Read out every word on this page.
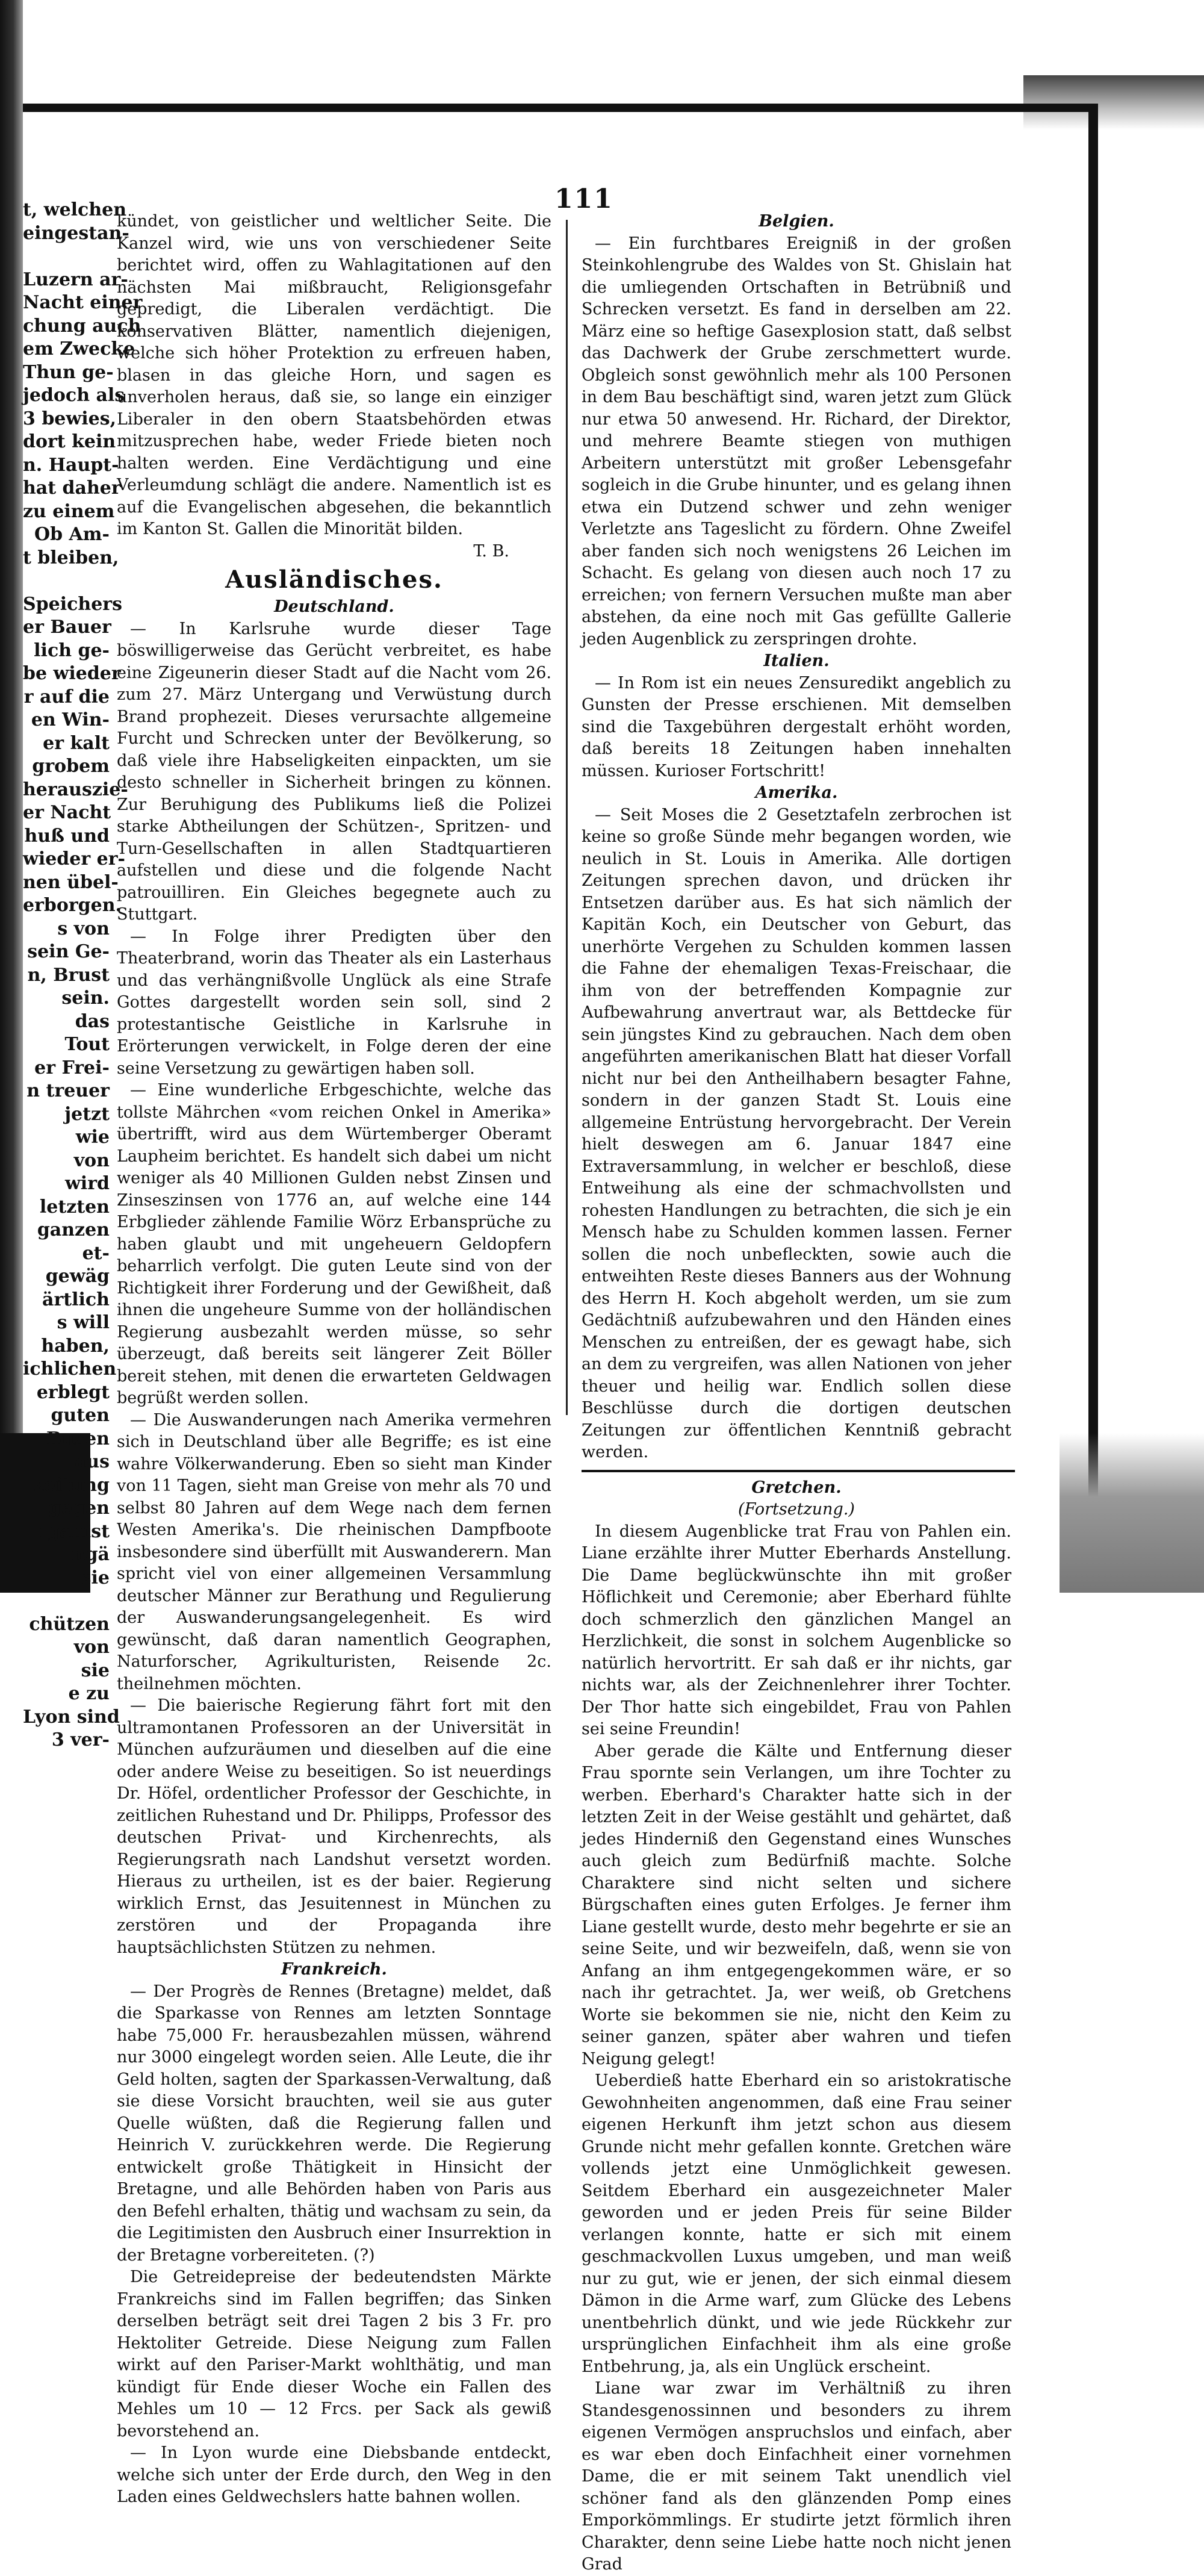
t, welchen
eingestan-
Luzern ar-
Nacht einer
chung auch
em Zwecke
Thun ge-
jedoch als
3 bewies,
dort kein
n. Haupt-
hat daher
zu einem
Ob Am-
t bleiben,
Speichers
er Bauer
lich ge-
be wieder
r auf die
en Win-
er kalt
grobem
herauszie-
er Nacht
huß und
wieder er-
nen übel-
erborgen.
s von
sein Ge-
n, Brust
sein.
das
Tout
er Frei-
n treuer
jetzt
wie
von
wird
letzten
ganzen
et-
gewäg
ärtlich
s will
haben,
ichlichen
erblegt
guten
Busen
aus
zeitung
gegen
iganist
ngä
sie
chützen
von
sie
e zu
Lyon sind
3 ver-
111

kündet, von geistlicher und weltlicher Seite. Die Kanzel wird, wie uns von verschiedener Seite berichtet wird, offen zu Wahlagitationen auf den nächsten Mai mißbraucht, Religionsgefahr gepredigt, die Liberalen verdächtigt. Die konservativen Blätter, namentlich diejenigen, welche sich höher Protektion zu erfreuen haben, blasen in das gleiche Horn, und sagen es unverholen heraus, daß sie, so lange ein einziger Liberaler in den obern Staatsbehörden etwas mitzusprechen habe, weder Friede bieten noch halten werden. Eine Verdächtigung und eine Verleumdung schlägt die andere. Namentlich ist es auf die Evangelischen abgesehen, die bekanntlich im Kanton St. Gallen die Minorität bilden.

T. B.
Ausländisches.
Deutschland.

— In Karlsruhe wurde dieser Tage böswilligerweise das Gerücht verbreitet, es habe eine Zigeunerin dieser Stadt auf die Nacht vom 26. zum 27. März Untergang und Verwüstung durch Brand prophezeit. Dieses verursachte allgemeine Furcht und Schrecken unter der Bevölkerung, so daß viele ihre Habseligkeiten einpackten, um sie desto schneller in Sicherheit bringen zu können. Zur Beruhigung des Publikums ließ die Polizei starke Abtheilungen der Schützen-, Spritzen- und Turn-Gesellschaften in allen Stadtquartieren aufstellen und diese und die folgende Nacht patrouilliren. Ein Gleiches begegnete auch zu Stuttgart.

— In Folge ihrer Predigten über den Theaterbrand, worin das Theater als ein Lasterhaus und das verhängnißvolle Unglück als eine Strafe Gottes dargestellt worden sein soll, sind 2 protestantische Geistliche in Karlsruhe in Erörterungen verwickelt, in Folge deren der eine seine Versetzung zu gewärtigen haben soll.

— Eine wunderliche Erbgeschichte, welche das tollste Mährchen «vom reichen Onkel in Amerika» übertrifft, wird aus dem Würtemberger Oberamt Laupheim berichtet. Es handelt sich dabei um nicht weniger als 40 Millionen Gulden nebst Zinsen und Zinseszinsen von 1776 an, auf welche eine 144 Erbglieder zählende Familie Wörz Erbansprüche zu haben glaubt und mit ungeheuern Geldopfern beharrlich verfolgt. Die guten Leute sind von der Richtigkeit ihrer Forderung und der Gewißheit, daß ihnen die ungeheure Summe von der holländischen Regierung ausbezahlt werden müsse, so sehr überzeugt, daß bereits seit längerer Zeit Böller bereit stehen, mit denen die erwarteten Geldwagen begrüßt werden sollen.

— Die Auswanderungen nach Amerika vermehren sich in Deutschland über alle Begriffe; es ist eine wahre Völkerwanderung. Eben so sieht man Kinder von 11 Tagen, sieht man Greise von mehr als 70 und selbst 80 Jahren auf dem Wege nach dem fernen Westen Amerika's. Die rheinischen Dampfboote insbesondere sind überfüllt mit Auswanderern. Man spricht viel von einer allgemeinen Versammlung deutscher Männer zur Berathung und Regulierung der Auswanderungsangelegenheit. Es wird gewünscht, daß daran namentlich Geographen, Naturforscher, Agrikulturisten, Reisende 2c. theilnehmen möchten.

— Die baierische Regierung fährt fort mit den ultramontanen Professoren an der Universität in München aufzuräumen und dieselben auf die eine oder andere Weise zu beseitigen. So ist neuerdings Dr. Höfel, ordentlicher Professor der Geschichte, in zeitlichen Ruhestand und Dr. Philipps, Professor des deutschen Privat- und Kirchenrechts, als Regierungsrath nach Landshut versetzt worden. Hieraus zu urtheilen, ist es der baier. Regierung wirklich Ernst, das Jesuitennest in München zu zerstören und der Propaganda ihre hauptsächlichsten Stützen zu nehmen.

Frankreich.

— Der Progrès de Rennes (Bretagne) meldet, daß die Sparkasse von Rennes am letzten Sonntage habe 75,000 Fr. herausbezahlen müssen, während nur 3000 eingelegt worden seien. Alle Leute, die ihr Geld holten, sagten der Sparkassen-Verwaltung, daß sie diese Vorsicht brauchten, weil sie aus guter Quelle wüßten, daß die Regierung fallen und Heinrich V. zurückkehren werde. Die Regierung entwickelt große Thätigkeit in Hinsicht der Bretagne, und alle Behörden haben von Paris aus den Befehl erhalten, thätig und wachsam zu sein, da die Legitimisten den Ausbruch einer Insurrektion in der Bretagne vorbereiteten. (?)

Die Getreidepreise der bedeutendsten Märkte Frankreichs sind im Fallen begriffen; das Sinken derselben beträgt seit drei Tagen 2 bis 3 Fr. pro Hektoliter Getreide. Diese Neigung zum Fallen wirkt auf den Pariser-Markt wohlthätig, und man kündigt für Ende dieser Woche ein Fallen des Mehles um 10 — 12 Frcs. per Sack als gewiß bevorstehend an.

— In Lyon wurde eine Diebsbande entdeckt, welche sich unter der Erde durch, den Weg in den Laden eines Geldwechslers hatte bahnen wollen.

Belgien.

— Ein furchtbares Ereigniß in der großen Steinkohlengrube des Waldes von St. Ghislain hat die umliegenden Ortschaften in Betrübniß und Schrecken versetzt. Es fand in derselben am 22. März eine so heftige Gasexplosion statt, daß selbst das Dachwerk der Grube zerschmettert wurde. Obgleich sonst gewöhnlich mehr als 100 Personen in dem Bau beschäftigt sind, waren jetzt zum Glück nur etwa 50 anwesend. Hr. Richard, der Direktor, und mehrere Beamte stiegen von muthigen Arbeitern unterstützt mit großer Lebensgefahr sogleich in die Grube hinunter, und es gelang ihnen etwa ein Dutzend schwer und zehn weniger Verletzte ans Tageslicht zu fördern. Ohne Zweifel aber fanden sich noch wenigstens 26 Leichen im Schacht. Es gelang von diesen auch noch 17 zu erreichen; von fernern Versuchen mußte man aber abstehen, da eine noch mit Gas gefüllte Gallerie jeden Augenblick zu zerspringen drohte.

Italien.

— In Rom ist ein neues Zensuredikt angeblich zu Gunsten der Presse erschienen. Mit demselben sind die Taxgebühren dergestalt erhöht worden, daß bereits 18 Zeitungen haben innehalten müssen. Kurioser Fortschritt!

Amerika.

— Seit Moses die 2 Gesetztafeln zerbrochen ist keine so große Sünde mehr begangen worden, wie neulich in St. Louis in Amerika. Alle dortigen Zeitungen sprechen davon, und drücken ihr Entsetzen darüber aus. Es hat sich nämlich der Kapitän Koch, ein Deutscher von Geburt, das unerhörte Vergehen zu Schulden kommen lassen die Fahne der ehemaligen Texas-Freischaar, die ihm von der betreffenden Kompagnie zur Aufbewahrung anvertraut war, als Bettdecke für sein jüngstes Kind zu gebrauchen. Nach dem oben angeführten amerikanischen Blatt hat dieser Vorfall nicht nur bei den Antheilhabern besagter Fahne, sondern in der ganzen Stadt St. Louis eine allgemeine Entrüstung hervorgebracht. Der Verein hielt deswegen am 6. Januar 1847 eine Extraversammlung, in welcher er beschloß, diese Entweihung als eine der schmachvollsten und rohesten Handlungen zu betrachten, die sich je ein Mensch habe zu Schulden kommen lassen. Ferner sollen die noch unbefleckten, sowie auch die entweihten Reste dieses Banners aus der Wohnung des Herrn H. Koch abgeholt werden, um sie zum Gedächtniß aufzubewahren und den Händen eines Menschen zu entreißen, der es gewagt habe, sich an dem zu vergreifen, was allen Nationen von jeher theuer und heilig war. Endlich sollen diese Beschlüsse durch die dortigen deutschen Zeitungen zur öffentlichen Kenntniß gebracht werden.

Gretchen.
(Fortsetzung.)

In diesem Augenblicke trat Frau von Pahlen ein. Liane erzählte ihrer Mutter Eberhards Anstellung. Die Dame beglückwünschte ihn mit großer Höflichkeit und Ceremonie; aber Eberhard fühlte doch schmerzlich den gänzlichen Mangel an Herzlichkeit, die sonst in solchem Augenblicke so natürlich hervortritt. Er sah daß er ihr nichts, gar nichts war, als der Zeichnenlehrer ihrer Tochter. Der Thor hatte sich eingebildet, Frau von Pahlen sei seine Freundin!

Aber gerade die Kälte und Entfernung dieser Frau spornte sein Verlangen, um ihre Tochter zu werben. Eberhard's Charakter hatte sich in der letzten Zeit in der Weise gestählt und gehärtet, daß jedes Hinderniß den Gegenstand eines Wunsches auch gleich zum Bedürfniß machte. Solche Charaktere sind nicht selten und sichere Bürgschaften eines guten Erfolges. Je ferner ihm Liane gestellt wurde, desto mehr begehrte er sie an seine Seite, und wir bezweifeln, daß, wenn sie von Anfang an ihm entgegengekommen wäre, er so nach ihr getrachtet. Ja, wer weiß, ob Gretchens Worte sie bekommen sie nie, nicht den Keim zu seiner ganzen, später aber wahren und tiefen Neigung gelegt!

Ueberdieß hatte Eberhard ein so aristokratische Gewohnheiten angenommen, daß eine Frau seiner eigenen Herkunft ihm jetzt schon aus diesem Grunde nicht mehr gefallen konnte. Gretchen wäre vollends jetzt eine Unmöglichkeit gewesen. Seitdem Eberhard ein ausgezeichneter Maler geworden und er jeden Preis für seine Bilder verlangen konnte, hatte er sich mit einem geschmackvollen Luxus umgeben, und man weiß nur zu gut, wie er jenen, der sich einmal diesem Dämon in die Arme warf, zum Glücke des Lebens unentbehrlich dünkt, und wie jede Rückkehr zur ursprünglichen Einfachheit ihm als eine große Entbehrung, ja, als ein Unglück erscheint.

Liane war zwar im Verhältniß zu ihren Standesgenossinnen und besonders zu ihrem eigenen Vermögen anspruchslos und einfach, aber es war eben doch Einfachheit einer vornehmen Dame, die er mit seinem Takt unendlich viel schöner fand als den glänzenden Pomp eines Emporkömmlings. Er studirte jetzt förmlich ihren Charakter, denn seine Liebe hatte noch nicht jenen Grad
